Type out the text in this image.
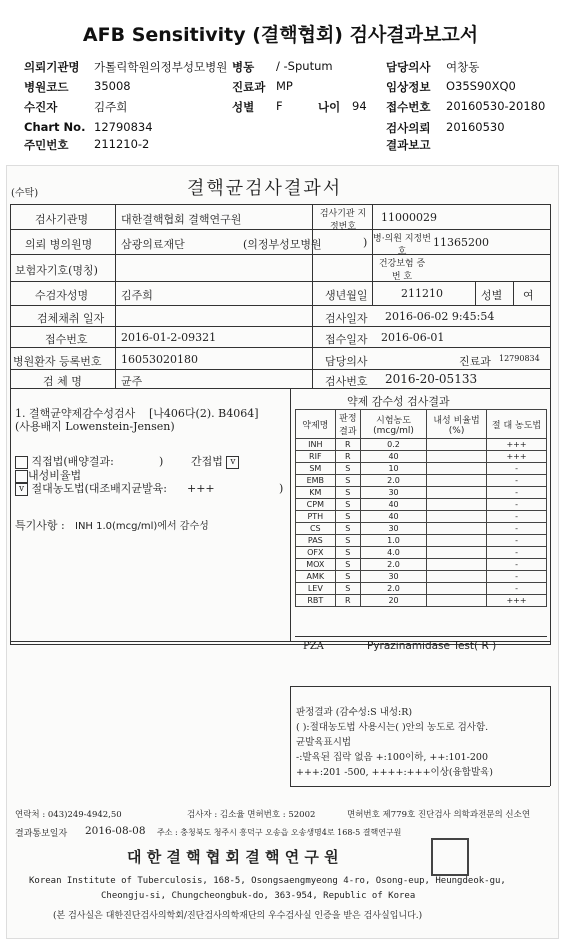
AFB Sensitivity (결핵협회) 검사결과보고서
의뢰기관명 가톨릭학원의정부성모병원 병동 / -Sputum	담당의사 여창동
병원코드 35008	진료과 MP	임상정보 O35S90XQ0
수진자	김주희	성별 F	나이 94 접수번호 20160530-20180
Chart No. 12790834	검사의뢰 20160530
주민번호 211210-2	결과보고
(수탁)	결핵균검사결과서
검사기관명	대한결핵협회 결핵연구원	검사기관 지정번호
11000029
의뢰 병의원명	삼광의료재단	(의정부성모병원	) 병·의원 지정번호
11365200
보험자기호(명칭)	건강보험 증 번 호
수검자성명	김주희	생년월일	211210	성별 여
검체채취 일자	검사일자 2016-06-02 9:45:54
접수번호	2016-01-2-09321	접수일자 2016-06-01
병원환자 등록번호 16053020180	담당의사	진료과 12790834
검 체 명	균주	검사번호 2016-20-05133
1. 결핵균약제감수성검사 [나406다(2). B4064]
(사용배지 Lowenstein-Jensen)
직접법(배양결과:	)	간접법 v
내성비율법
v 절대농도법(대조배지균발육: +++	)
특기사항 : INH 1.0(mcg/ml)에서 감수성
약제 감수성 검사결과
약제명	판정 결과	시험농도 (mcg/ml)	내성 비율법(%)	절 대 농도법
INH	R	0.2		+++
RIF	R	40		+++
SM	S	10		-
EMB	S	2.0		-
KM	S	30		-
CPM	S	40		-
PTH	S	40		-
CS	S	30		-
PAS	S	1.0		-
OFX	S	4.0		-
MOX	S	2.0		-
AMK	S	30		-
LEV	S	2.0		-
RBT	R	20		+++
PZA	Pyrazinamidase Test( R )
판정결과 (감수성:S 내성:R)
( ):절대농도법 사용시는( )안의 농도로 검사함.
균발육표시법
-:발육된 집락 없음 +:100이하, ++:101-200
+++:201 -500, ++++:+++이상(융합발육)
연락처 : 043)249-4942,50	검사자 : 김소율 면허번호 : 52002	면허번호 제779호 진단검사 의학과전문의 신소연
결과통보일자 2016-08-08 주소 : 충청북도 청주시 흥덕구 오송읍 오송생명4로 168-5 결핵연구원
대 한 결 핵 협 회 결 핵 연 구 원
Korean Institute of Tuberculosis, 168-5, Osongsaengmyeong 4-ro, Osong-eup, Heungdeok-gu,
Cheongju-si, Chungcheongbuk-do, 363-954, Republic of Korea
(본 검사실은 대한진단검사의학회/진단검사의학재단의 우수검사실 인증을 받은 검사실입니다.)
